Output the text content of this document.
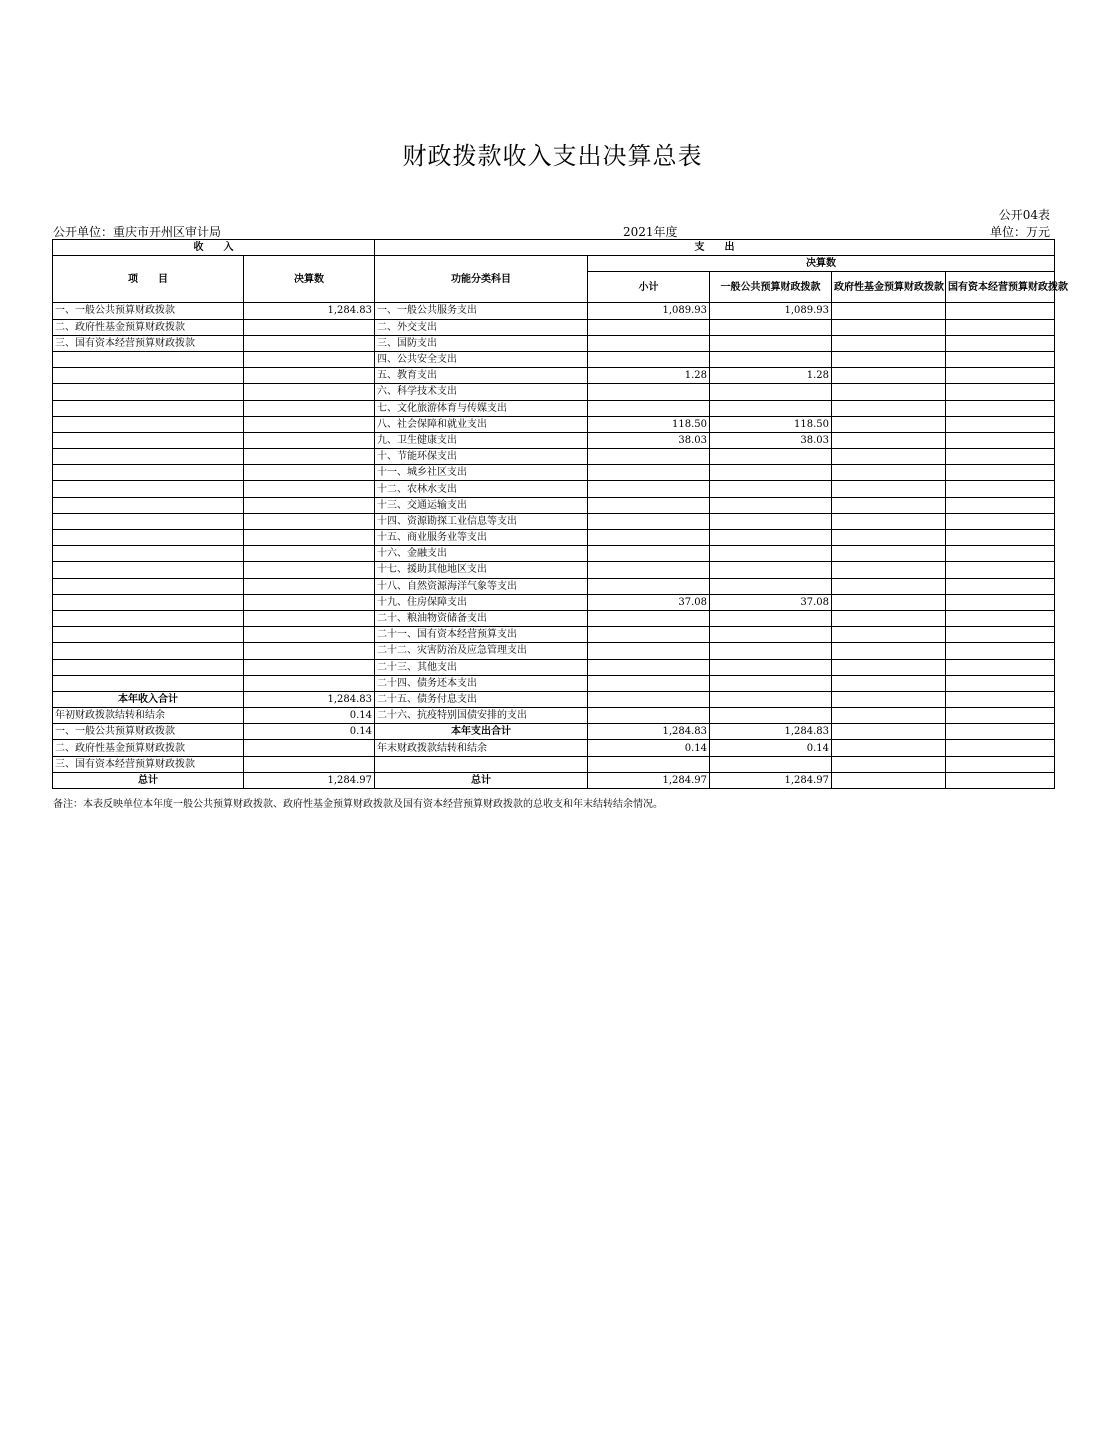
财政拨款收入支出决算总表
公开04表
公开单位：重庆市开州区审计局	2021年度	单位：万元
收　　入		支　　出				
项　　目	决算数	功能分类科目	决算数			
			小计	一般公共预算财政拨款	政府性基金预算财政拨款	国有资本经营预算财政拨款

一、一般公共预算财政拨款	1,284.83	一、一般公共服务支出	1,089.93	1,089.93		
二、政府性基金预算财政拨款		二、外交支出				
三、国有资本经营预算财政拨款		三、国防支出				
		四、公共安全支出				
		五、教育支出	1.28	1.28		
		六、科学技术支出				
		七、文化旅游体育与传媒支出				
		八、社会保障和就业支出	118.50	118.50		
		九、卫生健康支出	38.03	38.03		
		十、节能环保支出				
		十一、城乡社区支出				
		十二、农林水支出				
		十三、交通运输支出				
		十四、资源勘探工业信息等支出				
		十五、商业服务业等支出				
		十六、金融支出				
		十七、援助其他地区支出				
		十八、自然资源海洋气象等支出				
		十九、住房保障支出	37.08	37.08		
		二十、粮油物资储备支出				
		二十一、国有资本经营预算支出				
		二十二、灾害防治及应急管理支出				
		二十三、其他支出				
		二十四、债务还本支出				
本年收入合计	1,284.83	二十五、债务付息支出				
年初财政拨款结转和结余	0.14	二十六、抗疫特别国债安排的支出				
一、一般公共预算财政拨款	0.14	本年支出合计	1,284.83	1,284.83		
二、政府性基金预算财政拨款		年末财政拨款结转和结余	0.14	0.14		
三、国有资本经营预算财政拨款						
总计	1,284.97	总计	1,284.97	1,284.97		
备注：本表反映单位本年度一般公共预算财政拨款、政府性基金预算财政拨款及国有资本经营预算财政拨款的总收支和年末结转结余情况。
